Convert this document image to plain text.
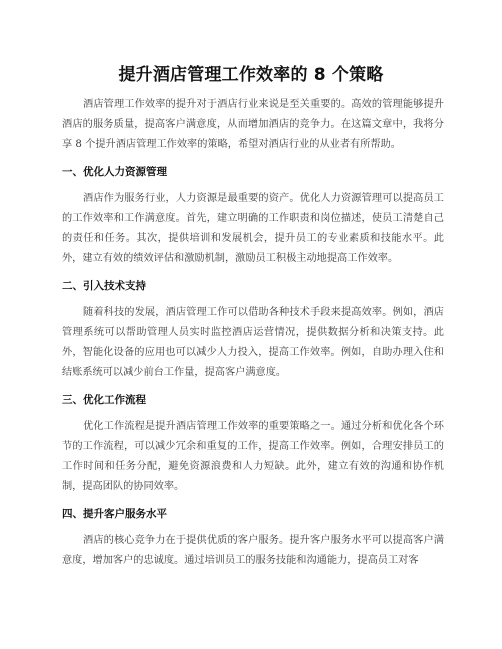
提升酒店管理工作效率的 8 个策略

酒店管理工作效率的提升对于酒店行业来说是至关重要的。高效的管理能够提升酒店的服务质量，提高客户满意度，从而增加酒店的竞争力。在这篇文章中，我将分享 8 个提升酒店管理工作效率的策略，希望对酒店行业的从业者有所帮助。

一、优化人力资源管理

酒店作为服务行业，人力资源是最重要的资产。优化人力资源管理可以提高员工的工作效率和工作满意度。首先，建立明确的工作职责和岗位描述，使员工清楚自己的责任和任务。其次，提供培训和发展机会，提升员工的专业素质和技能水平。此外，建立有效的绩效评估和激励机制，激励员工积极主动地提高工作效率。

二、引入技术支持

随着科技的发展，酒店管理工作可以借助各种技术手段来提高效率。例如，酒店管理系统可以帮助管理人员实时监控酒店运营情况，提供数据分析和决策支持。此外，智能化设备的应用也可以减少人力投入，提高工作效率。例如，自助办理入住和结账系统可以减少前台工作量，提高客户满意度。

三、优化工作流程

优化工作流程是提升酒店管理工作效率的重要策略之一。通过分析和优化各个环节的工作流程，可以减少冗余和重复的工作，提高工作效率。例如，合理安排员工的工作时间和任务分配，避免资源浪费和人力短缺。此外，建立有效的沟通和协作机制，提高团队的协同效率。

四、提升客户服务水平

酒店的核心竞争力在于提供优质的客户服务。提升客户服务水平可以提高客户满意度，增加客户的忠诚度。通过培训员工的服务技能和沟通能力，提高员工对客
